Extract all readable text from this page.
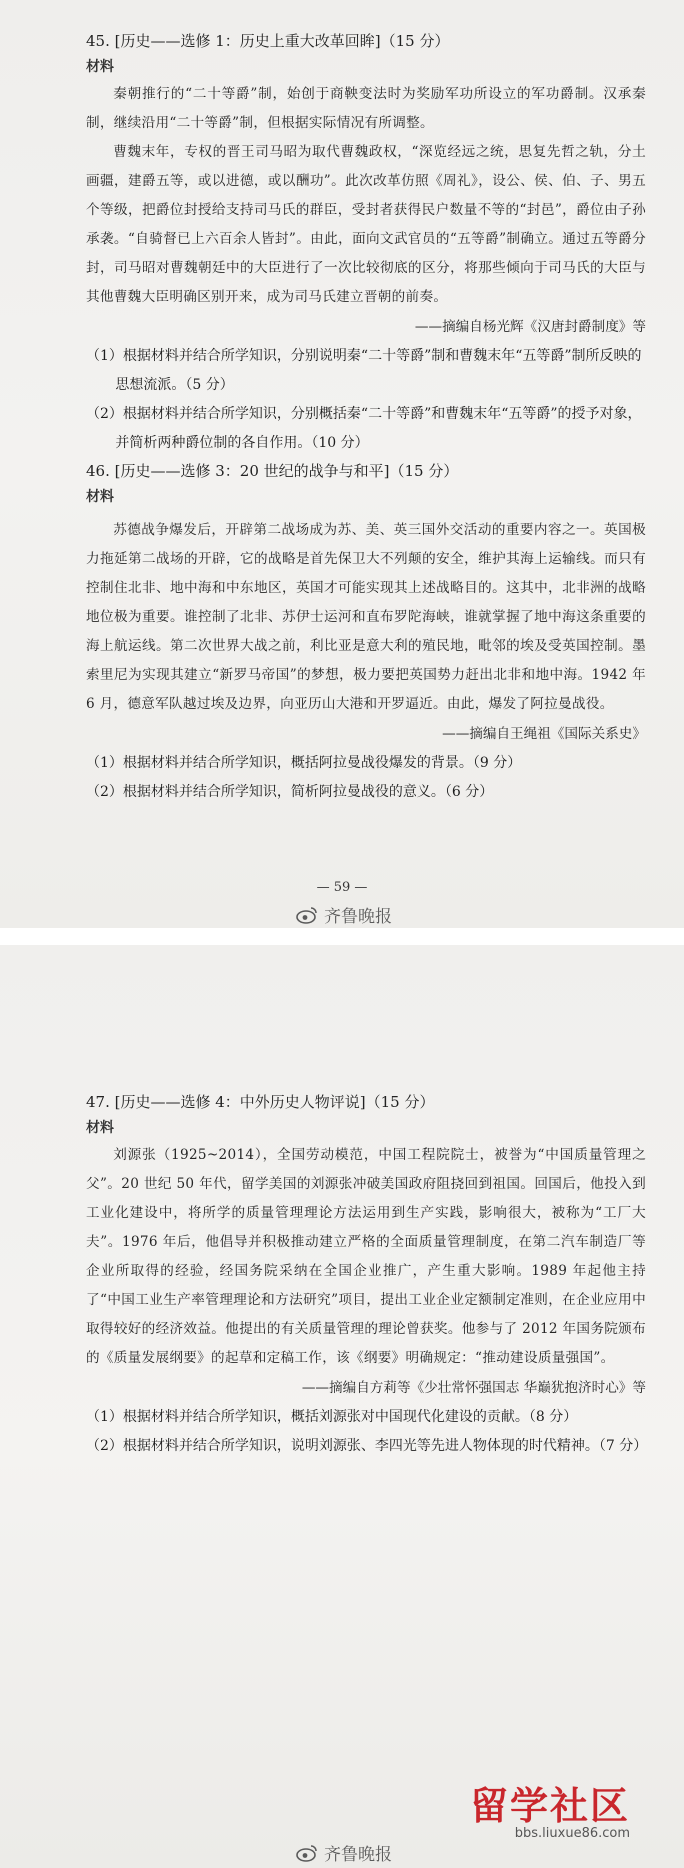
45. [历史——选修 1：历史上重大改革回眸]（15 分）

材料

秦朝推行的“二十等爵”制，始创于商鞅变法时为奖励军功所设立的军功爵制。汉承秦制，继续沿用“二十等爵”制，但根据实际情况有所调整。

曹魏末年，专权的晋王司马昭为取代曹魏政权，“深览经远之统，思复先哲之轨，分土画疆，建爵五等，或以进德，或以酬功”。此次改革仿照《周礼》，设公、侯、伯、子、男五个等级，把爵位封授给支持司马氏的群臣，受封者获得民户数量不等的“封邑”，爵位由子孙承袭。“自骑督已上六百余人皆封”。由此，面向文武官员的“五等爵”制确立。通过五等爵分封，司马昭对曹魏朝廷中的大臣进行了一次比较彻底的区分，将那些倾向于司马氏的大臣与其他曹魏大臣明确区别开来，成为司马氏建立晋朝的前奏。

——摘编自杨光辉《汉唐封爵制度》等

（1）根据材料并结合所学知识，分别说明秦“二十等爵”制和曹魏末年“五等爵”制所反映的思想流派。（5 分）

（2）根据材料并结合所学知识，分别概括秦“二十等爵”和曹魏末年“五等爵”的授予对象，并简析两种爵位制的各自作用。（10 分）

46. [历史——选修 3：20 世纪的战争与和平]（15 分）

材料

苏德战争爆发后，开辟第二战场成为苏、美、英三国外交活动的重要内容之一。英国极力拖延第二战场的开辟，它的战略是首先保卫大不列颠的安全，维护其海上运输线。而只有控制住北非、地中海和中东地区，英国才可能实现其上述战略目的。这其中，北非洲的战略地位极为重要。谁控制了北非、苏伊士运河和直布罗陀海峡，谁就掌握了地中海这条重要的海上航运线。第二次世界大战之前，利比亚是意大利的殖民地，毗邻的埃及受英国控制。墨索里尼为实现其建立“新罗马帝国”的梦想，极力要把英国势力赶出北非和地中海。1942 年 6 月，德意军队越过埃及边界，向亚历山大港和开罗逼近。由此，爆发了阿拉曼战役。

——摘编自王绳祖《国际关系史》

（1）根据材料并结合所学知识，概括阿拉曼战役爆发的背景。（9 分）

（2）根据材料并结合所学知识，简析阿拉曼战役的意义。（6 分）

— 59 —
齐鲁晚报

47. [历史——选修 4：中外历史人物评说]（15 分）

材料

刘源张（1925~2014），全国劳动模范，中国工程院院士，被誉为“中国质量管理之父”。20 世纪 50 年代，留学美国的刘源张冲破美国政府阻挠回到祖国。回国后，他投入到工业化建设中，将所学的质量管理理论方法运用到生产实践，影响很大，被称为“工厂大夫”。1976 年后，他倡导并积极推动建立严格的全面质量管理制度，在第二汽车制造厂等企业所取得的经验，经国务院采纳在全国企业推广，产生重大影响。1989 年起他主持了“中国工业生产率管理理论和方法研究”项目，提出工业企业定额制定准则，在企业应用中取得较好的经济效益。他提出的有关质量管理的理论曾获奖。他参与了 2012 年国务院颁布的《质量发展纲要》的起草和定稿工作，该《纲要》明确规定：“推动建设质量强国”。

——摘编自方莉等《少壮常怀强国志 华巅犹抱济时心》等

（1）根据材料并结合所学知识，概括刘源张对中国现代化建设的贡献。（8 分）

（2）根据材料并结合所学知识，说明刘源张、李四光等先进人物体现的时代精神。（7 分）

留学社区
bbs.liuxue86.com
齐鲁晚报
